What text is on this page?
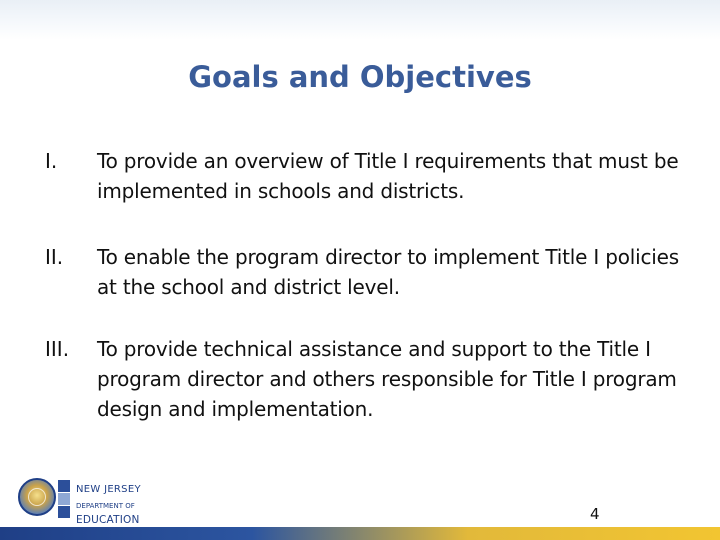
Goals and Objectives
I.	To provide an overview of Title I requirements that must be implemented in schools and districts.
II.	To enable the program director to implement Title I policies at the school and district level.
III.	To provide technical assistance and support to the Title I program director and others responsible for Title I program design and implementation.
NEW JERSEY
DEPARTMENT OF
EDUCATION	4
